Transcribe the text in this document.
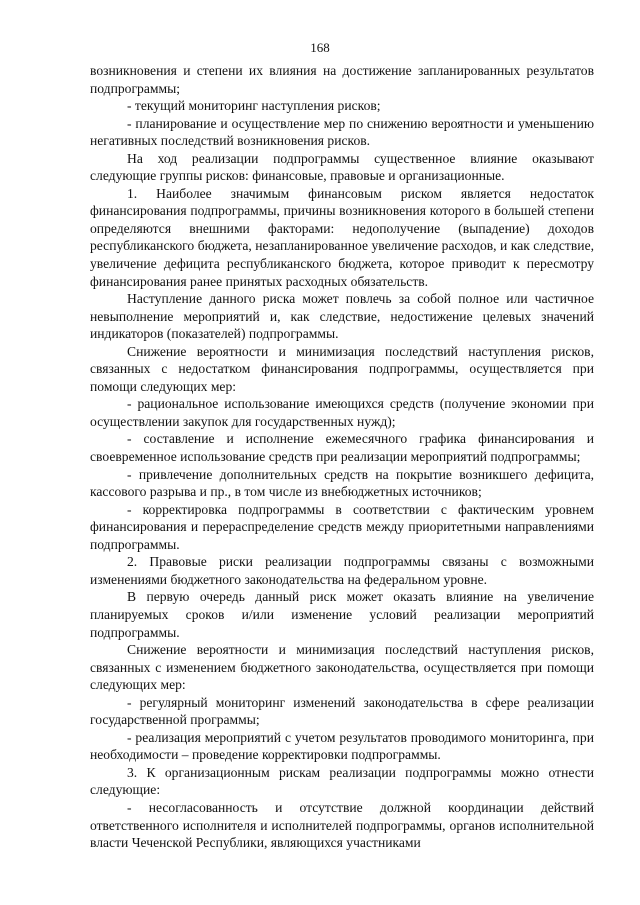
168

возникновения и степени их влияния на достижение запланированных результатов подпрограммы;

- текущий мониторинг наступления рисков;

- планирование и осуществление мер по снижению вероятности и уменьшению негативных последствий возникновения рисков.

На ход реализации подпрограммы существенное влияние оказывают следующие группы рисков: финансовые, правовые и организационные.

1. Наиболее значимым финансовым риском является недостаток финансирования подпрограммы, причины возникновения которого в большей степени определяются внешними факторами: недополучение (выпадение) доходов республиканского бюджета, незапланированное увеличение расходов, и как следствие, увеличение дефицита республиканского бюджета, которое приводит к пересмотру финансирования ранее принятых расходных обязательств.

Наступление данного риска может повлечь за собой полное или частичное невыполнение мероприятий и, как следствие, недостижение целевых значений индикаторов (показателей) подпрограммы.

Снижение вероятности и минимизация последствий наступления рисков, связанных с недостатком финансирования подпрограммы, осуществляется при помощи следующих мер:

- рациональное использование имеющихся средств (получение экономии при осуществлении закупок для государственных нужд);

- составление и исполнение ежемесячного графика финансирования и своевременное использование средств при реализации мероприятий подпрограммы;

- привлечение дополнительных средств на покрытие возникшего дефицита, кассового разрыва и пр., в том числе из внебюджетных источников;

- корректировка подпрограммы в соответствии с фактическим уровнем финансирования и перераспределение средств между приоритетными направлениями подпрограммы.

2. Правовые риски реализации подпрограммы связаны с возможными изменениями бюджетного законодательства на федеральном уровне.

В первую очередь данный риск может оказать влияние на увеличение планируемых сроков и/или изменение условий реализации мероприятий подпрограммы.

Снижение вероятности и минимизация последствий наступления рисков, связанных с изменением бюджетного законодательства, осуществляется при помощи следующих мер:

- регулярный мониторинг изменений законодательства в сфере реализации государственной программы;

- реализация мероприятий с учетом результатов проводимого мониторинга, при необходимости – проведение корректировки подпрограммы.

3. К организационным рискам реализации подпрограммы можно отнести следующие:

- несогласованность и отсутствие должной координации действий ответственного исполнителя и исполнителей подпрограммы, органов исполнительной власти Чеченской Республики, являющихся участниками
